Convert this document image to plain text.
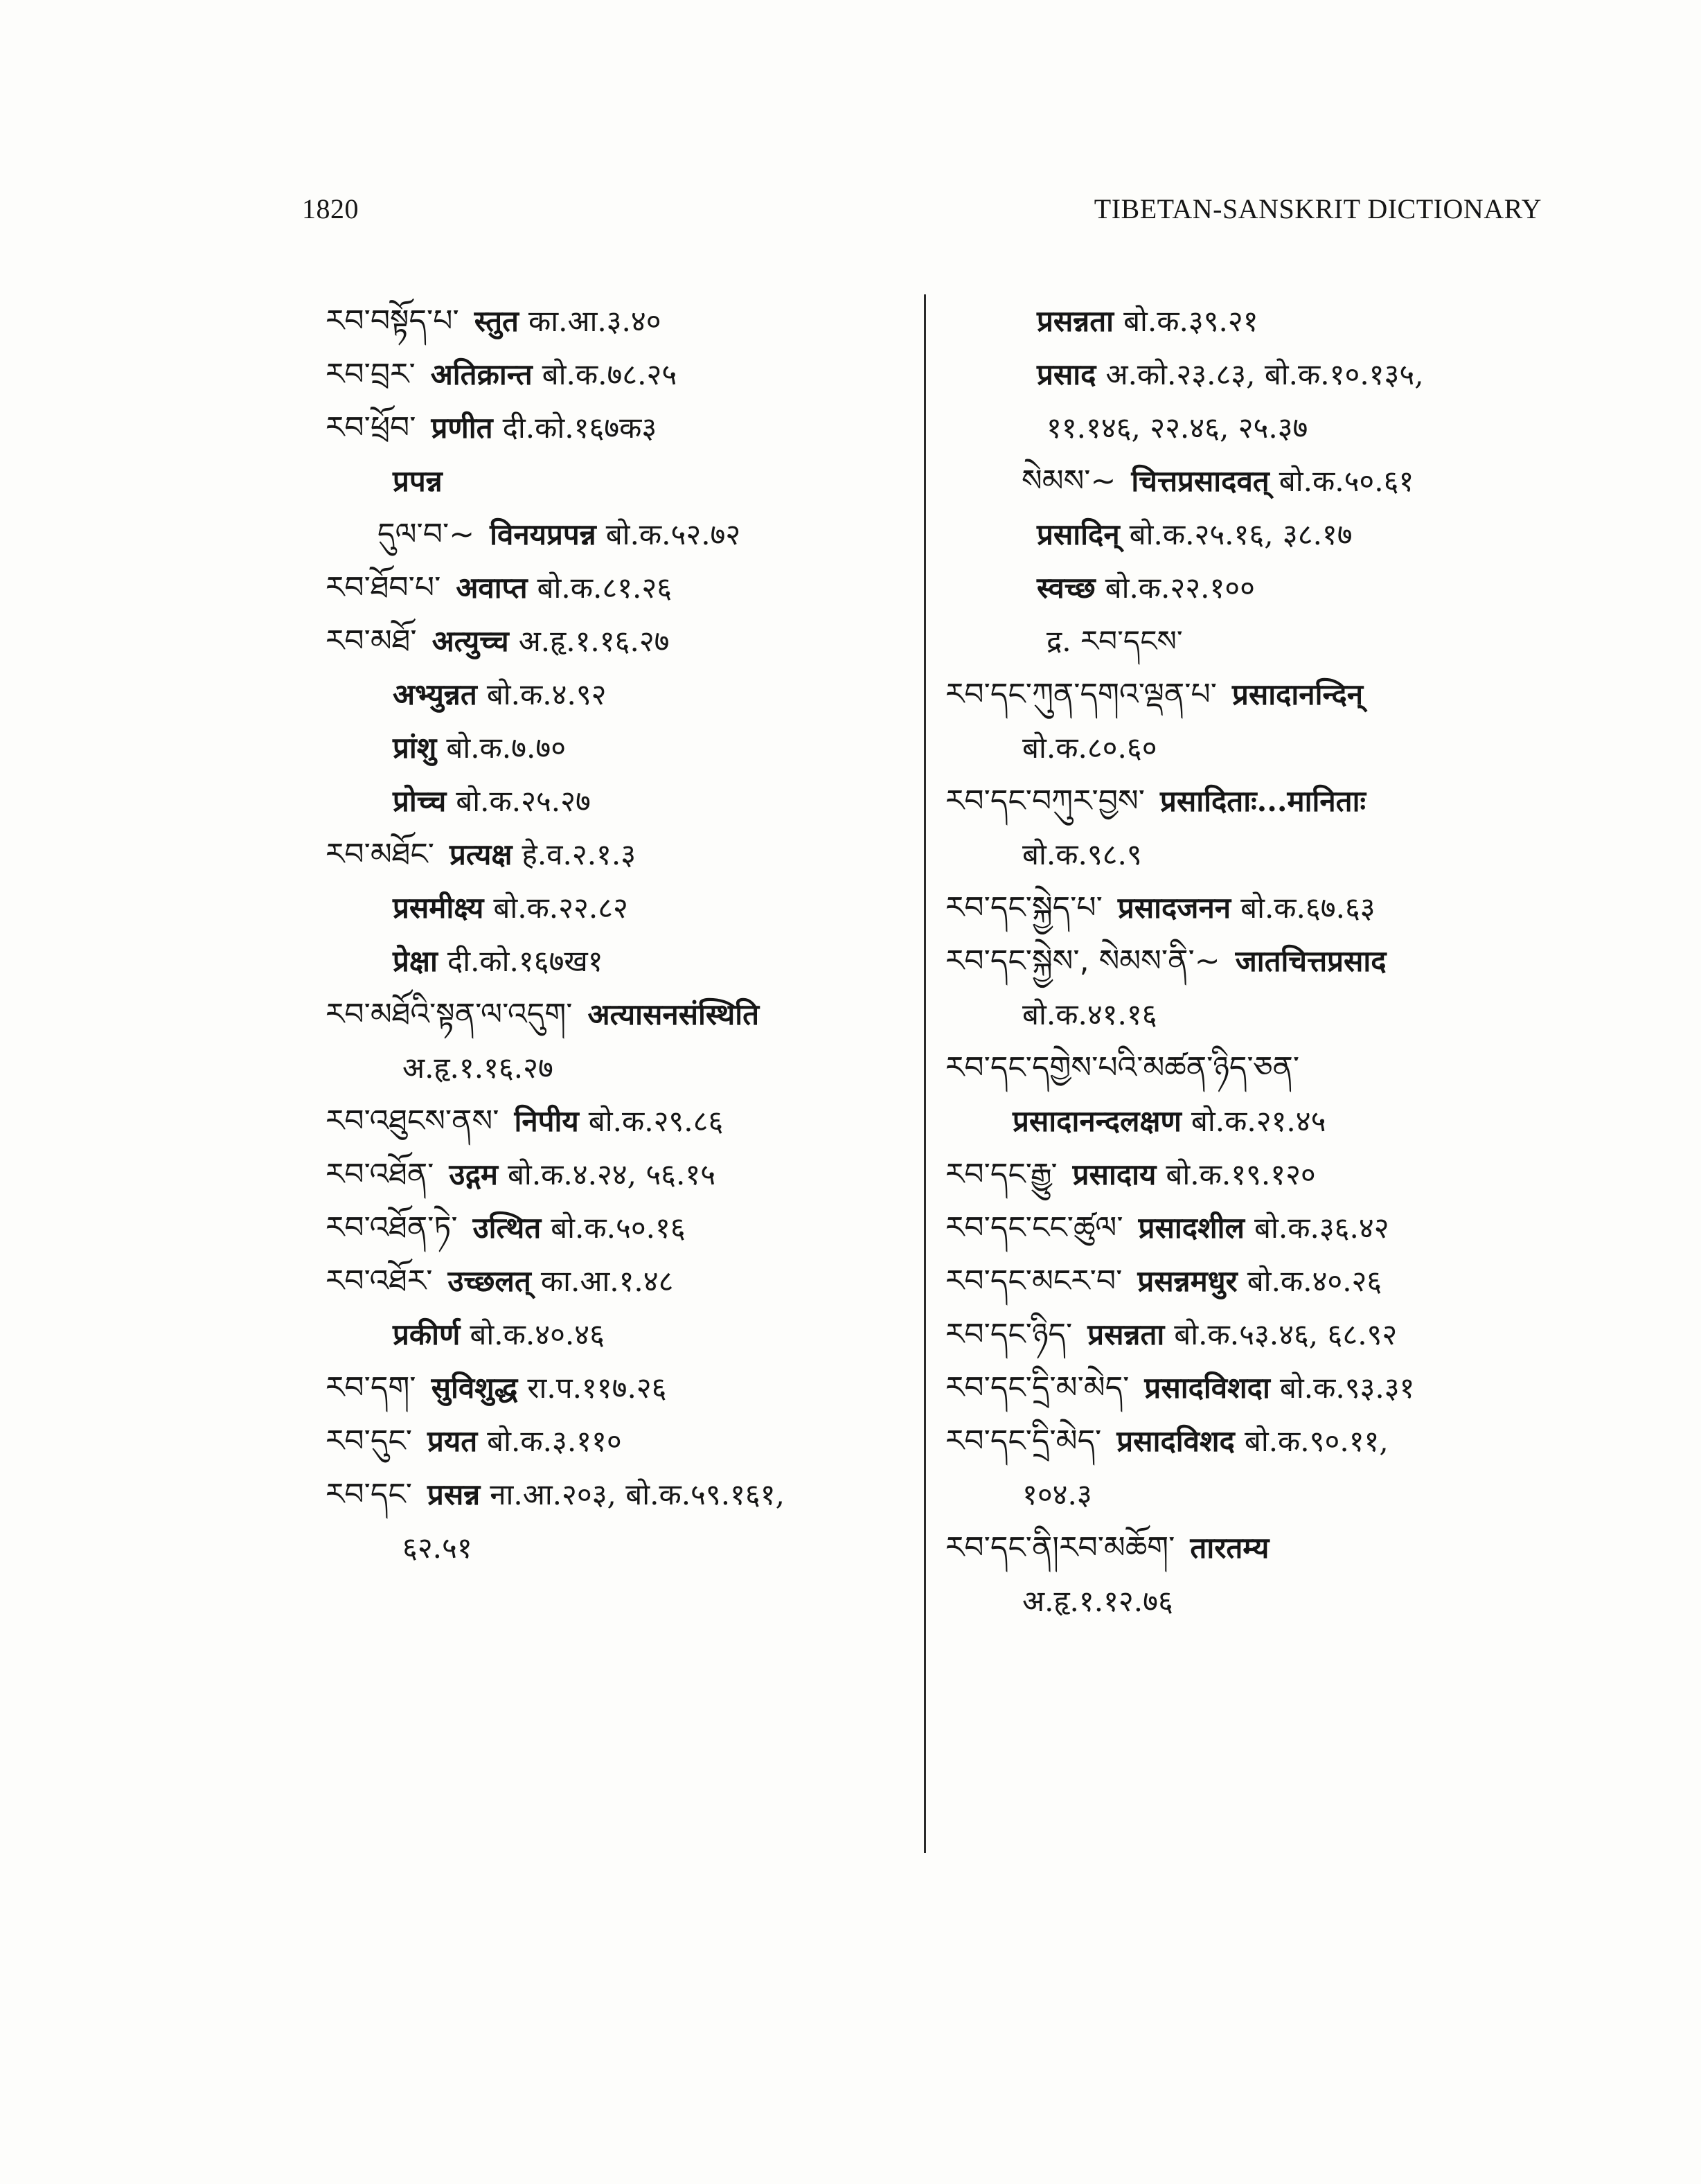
1820	TIBETAN-SANSKRIT DICTIONARY
རབ་བསྟོད་པ་ स्तुत का.आ.३.४०
རབ་བྲར་ अतिक्रान्त बो.क.७८.२५
རབ་ཕྲོབ་ प्रणीत दी.को.१६७क३
प्रपन्न
དུལ་བ་~ विनयप्रपन्न बो.क.५२.७२
རབ་ཐོབ་པ་ अवाप्त बो.क.८१.२६
རབ་མཐོ་ अत्युच्च अ.हृ.१.१६.२७
अभ्युन्नत बो.क.४.९२
प्रांशु बो.क.७.७०
प्रोच्च बो.क.२५.२७
རབ་མཐོང་ प्रत्यक्ष हे.व.२.१.३
प्रसमीक्ष्य बो.क.२२.८२
प्रेक्षा दी.को.१६७ख१
རབ་མཐོའི་སྟན་ལ་འདུག་ अत्यासनसंस्थिति
अ.हृ.१.१६.२७
རབ་འཐུངས་ནས་ निपीय बो.क.२९.८६
རབ་འཐོན་ उद्गम बो.क.४.२४, ५६.१५
རབ་འཐོན་ཏེ་ उत्थित बो.क.५०.१६
རབ་འཐོར་ उच्छलत् का.आ.१.४८
प्रकीर्ण बो.क.४०.४६
རབ་དག་ सुविशुद्ध रा.प.११७.२६
རབ་དུང་ प्रयत बो.क.३.११०
རབ་དང་ प्रसन्न ना.आ.२०३, बो.क.५९.१६१,
६२.५१
प्रसन्नता बो.क.३९.२१
प्रसाद अ.को.२३.८३, बो.क.१०.१३५,
११.१४६, २२.४६, २५.३७
སེམས་~ चित्तप्रसादवत् बो.क.५०.६१
प्रसादिन् बो.क.२५.१६, ३८.१७
स्वच्छ बो.क.२२.१००
द्र. རབ་དངས་
རབ་དང་ཀུན་དགའ་ལྡན་པ་ प्रसादानन्दिन्
बो.क.८०.६०
རབ་དང་བཀུར་བྱས་ प्रसादिताः...मानिताः
बो.क.९८.९
རབ་དང་སྐྱེད་པ་ प्रसादजनन बो.क.६७.६३
རབ་དང་སྐྱེས་, སེམས་ནི་~ जातचित्तप्रसाद
बो.क.४१.१६
རབ་དང་དགྱེས་པའི་མཚན་ཉིད་ཅན་
प्रसादानन्दलक्षण बो.क.२१.४५
རབ་དང་རྒྱུ་ प्रसादाय बो.क.१९.१२०
རབ་དང་ངང་ཚུལ་ प्रसादशील बो.क.३६.४२
རབ་དང་མངར་བ་ प्रसन्नमधुर बो.क.४०.२६
རབ་དང་ཉིད་ प्रसन्नता बो.क.५३.४६, ६८.९२
རབ་དང་དྲི་མ་མེད་ प्रसादविशदा बो.क.९३.३१
རབ་དང་དྲི་མེད་ प्रसादविशद बो.क.९०.११,
१०४.३
རབ་དང་ནི།རབ་མཆོག་ तारतम्य
अ.हृ.१.१२.७६
